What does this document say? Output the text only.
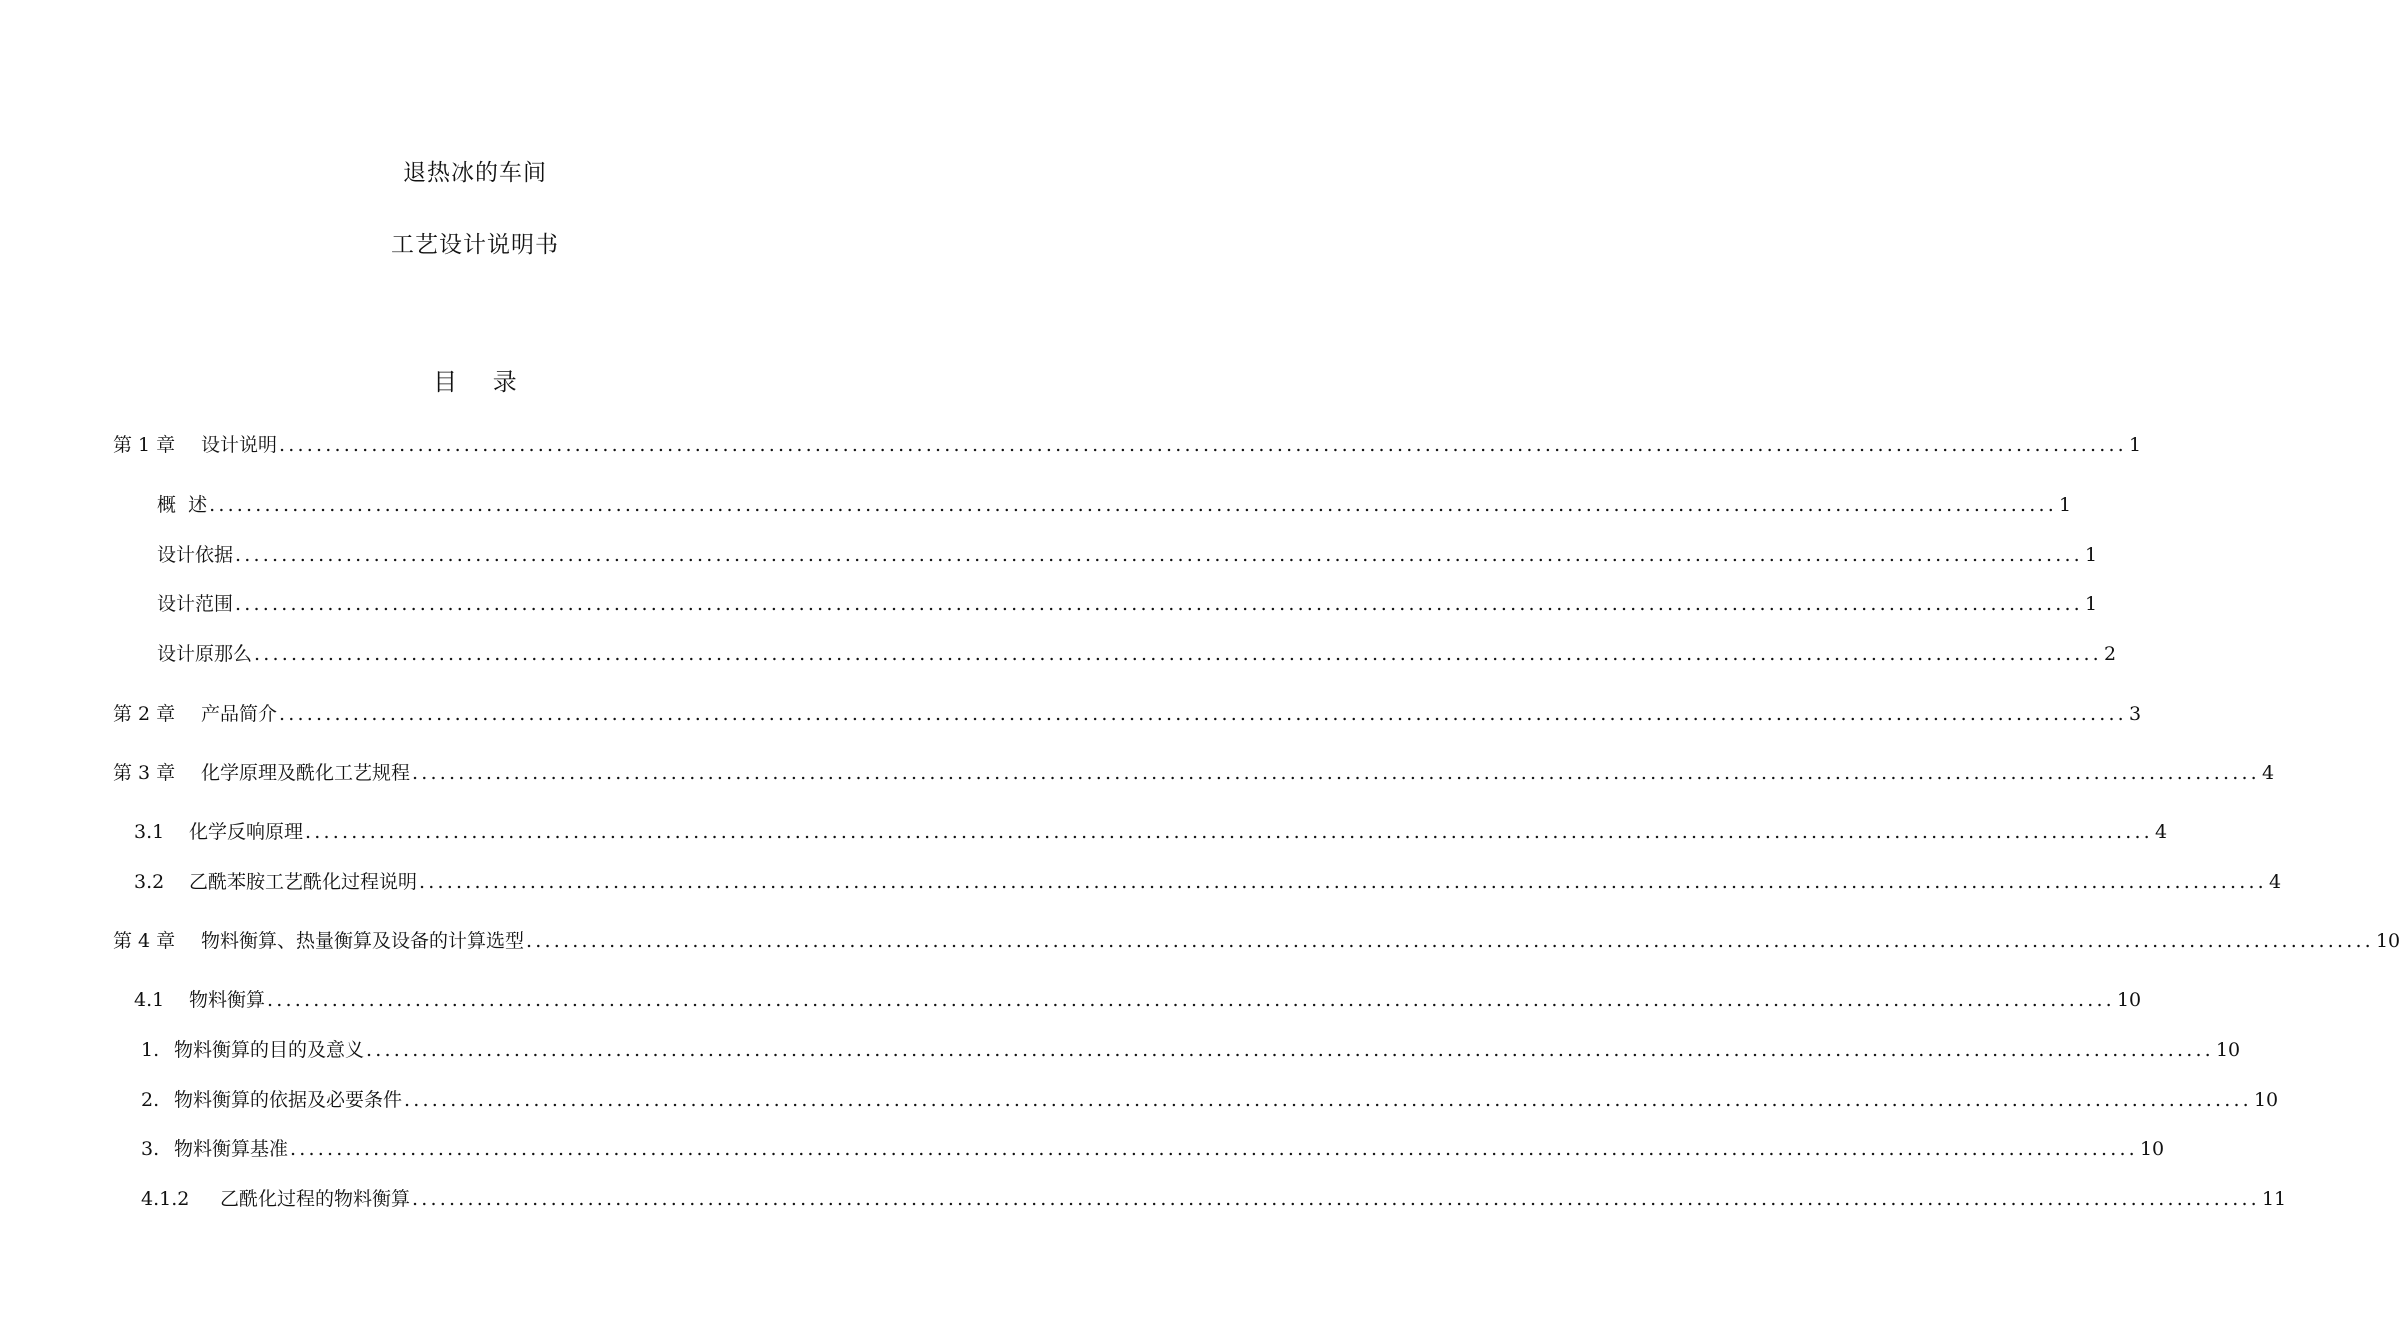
退热冰的车间
工艺设计说明书
目 录
第 1 章	设计说明 ........................................................................................................................................................................................................ 1
概  述 ........................................................................................................................................................................................................ 1
设计依据 ........................................................................................................................................................................................................ 1
设计范围 ........................................................................................................................................................................................................ 1
设计原那么 ........................................................................................................................................................................................................ 2
第 2 章	产品简介 ........................................................................................................................................................................................................ 3
第 3 章	化学原理及酰化工艺规程 ........................................................................................................................................................................................................ 4
3.1	化学反响原理 ........................................................................................................................................................................................................ 4
3.2	乙酰苯胺工艺酰化过程说明 ........................................................................................................................................................................................................ 4
第 4 章	物料衡算、热量衡算及设备的计算选型 ........................................................................................................................................................................................................ 10
4.1	物料衡算 ........................................................................................................................................................................................................ 10
1. 物料衡算的目的及意义 ........................................................................................................................................................................................................ 10
2. 物料衡算的依据及必要条件 ........................................................................................................................................................................................................ 10
3. 物料衡算基准 ........................................................................................................................................................................................................ 10
4.1.2	乙酰化过程的物料衡算 ........................................................................................................................................................................................................ 11
